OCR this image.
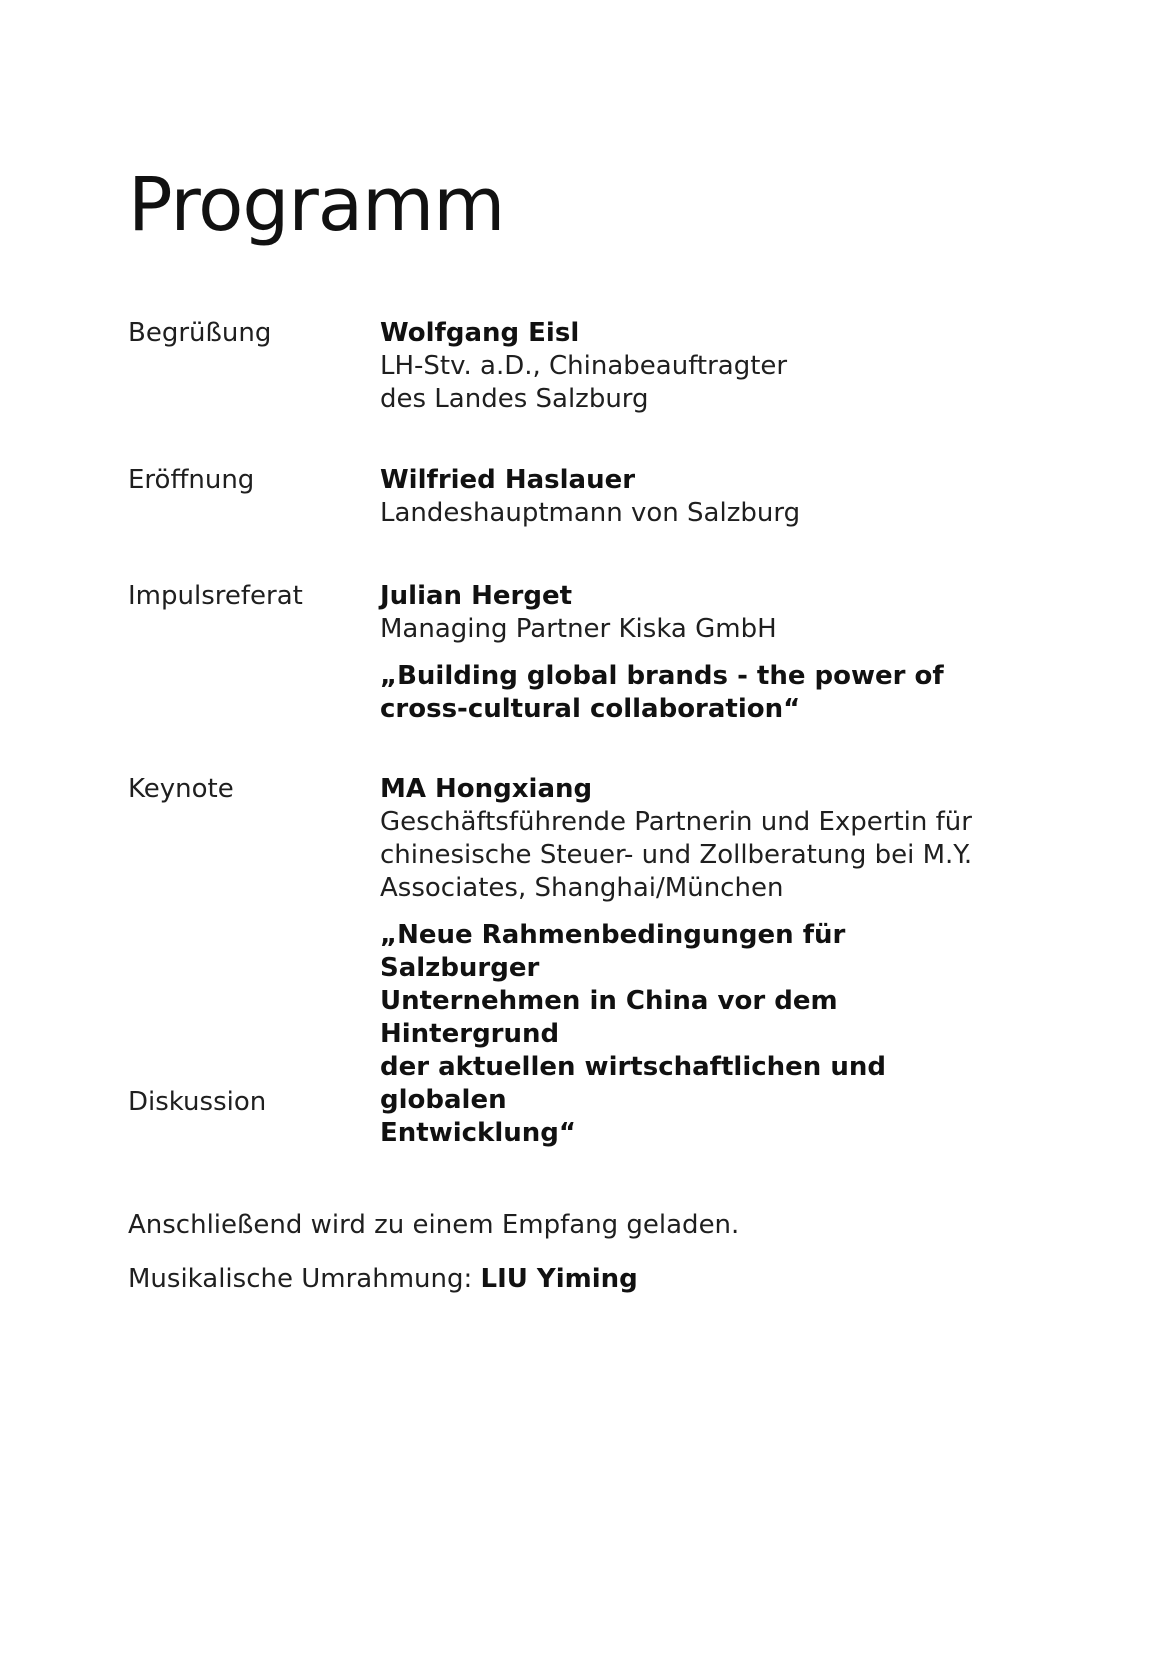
Programm
Begrüßung	Wolfgang Eisl
LH-Stv. a.D., Chinabeauftragter
des Landes Salzburg
Eröffnung	Wilfried Haslauer
Landeshauptmann von Salzburg
Impulsreferat	Julian Herget
Managing Partner Kiska GmbH
„Building global brands - the power of
cross-cultural collaboration“
Keynote	MA Hongxiang
Geschäftsführende Partnerin und Expertin für
chinesische Steuer- und Zollberatung bei M.Y.
Associates, Shanghai/München
„Neue Rahmenbedingungen für Salzburger
Unternehmen in China vor dem Hintergrund
der aktuellen wirtschaftlichen und globalen
Entwicklung“
Diskussion
Anschließend wird zu einem Empfang geladen.
Musikalische Umrahmung: LIU Yiming
